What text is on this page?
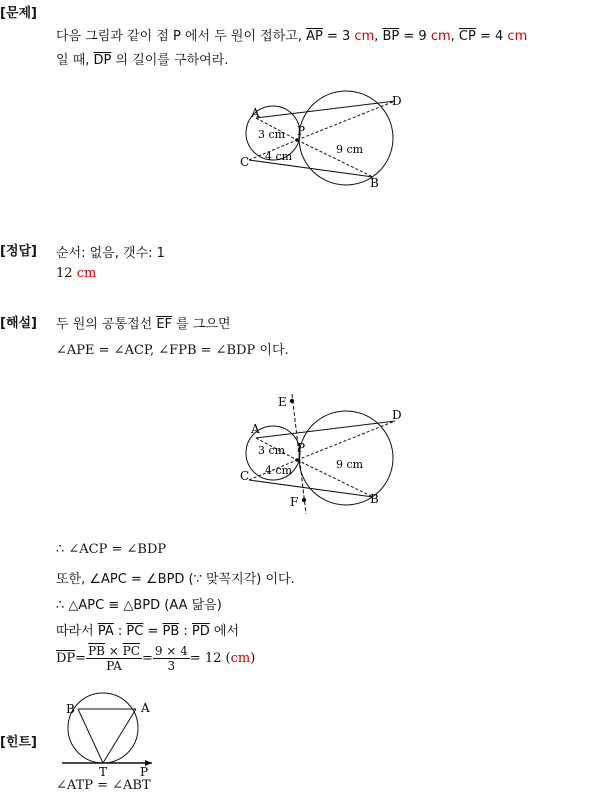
[문제]
다음 그림과 같이 점 P 에서 두 원이 접하고, $\overline{AP} = 3$ cm, $\overline{BP} = 9$ cm, $\overline{CP} = 4$ cm
일 때, $\overline{DP}$ 의 길이를 구하여라.
A
C
P
D
B
3 cm
4 cm
9 cm
[정답] 순서: 없음, 갯수: 1
12 cm
[해설] 두 원의 공통접선 $\overline{EF}$ 를 그으면
∠APE = ∠ACP, ∠FPB = ∠BDP 이다.
E
F
A
C
P
D
B
3 cm
4 cm	9 cm
∴ ∠ACP = ∠BDP
또한, ∠APC = ∠BPD (∵ 맞꼭지각) 이다.
∴ △APC ≡ △BPD (AA 닮음)
따라서 $\overline{PA}$ : $\overline{PC} = \overline{PB}$ : $\overline{PD}$ 에서
$\overline{DP} = \frac{\overline{PB} \times \overline{PC}}{PA} = \frac{9 \times 4}{3} = 12$ ( cm )
[힌트]
B	A
T	P
∠ATP = ∠ABT
